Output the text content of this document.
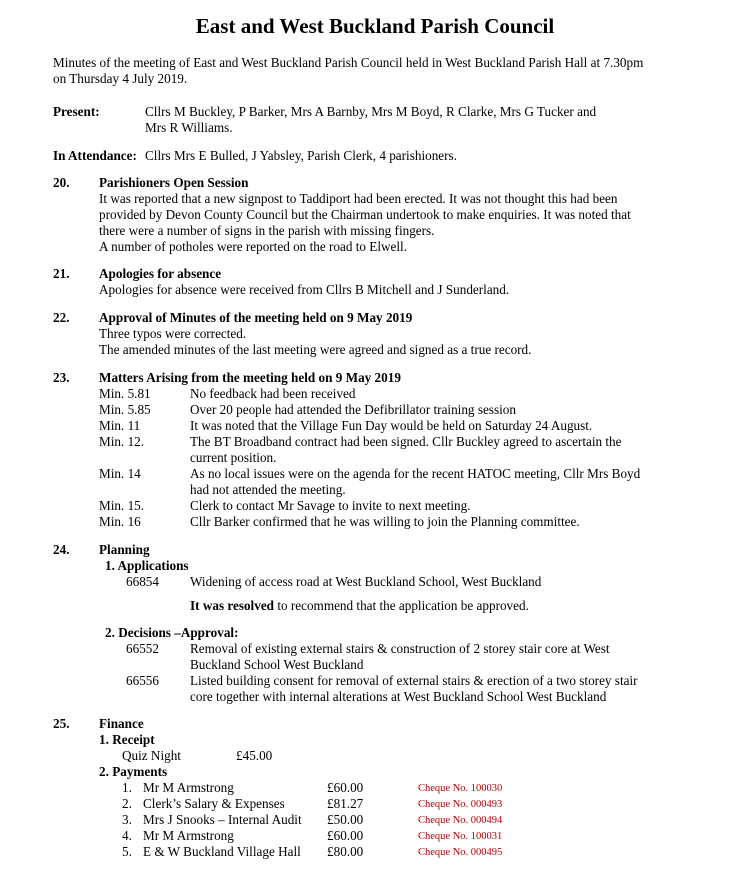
East and West Buckland Parish Council
Minutes of the meeting of East and West Buckland Parish Council held in West Buckland Parish Hall at 7.30pm
on Thursday 4 July 2019.
Present:	Cllrs M Buckley, P Barker, Mrs A Barnby, Mrs M Boyd, R Clarke, Mrs G Tucker and
Mrs R Williams.
In Attendance: Cllrs Mrs E Bulled, J Yabsley, Parish Clerk, 4 parishioners.
20. Parishioners Open Session
It was reported that a new signpost to Taddiport had been erected. It was not thought this had been
provided by Devon County Council but the Chairman undertook to make enquiries. It was noted that
there were a number of signs in the parish with missing fingers.
A number of potholes were reported on the road to Elwell.
21. Apologies for absence
Apologies for absence were received from Cllrs B Mitchell and J Sunderland.
22. Approval of Minutes of the meeting held on 9 May 2019
Three typos were corrected.
The amended minutes of the last meeting were agreed and signed as a true record.
23. Matters Arising from the meeting held on 9 May 2019
Min. 5.81	No feedback had been received
Min. 5.85	Over 20 people had attended the Defibrillator training session
Min. 11	It was noted that the Village Fun Day would be held on Saturday 24 August.
Min. 12.	The BT Broadband contract had been signed. Cllr Buckley agreed to ascertain the
current position.
Min. 14	As no local issues were on the agenda for the recent HATOC meeting, Cllr Mrs Boyd
had not attended the meeting.
Min. 15.	Clerk to contact Mr Savage to invite to next meeting.
Min. 16	Cllr Barker confirmed that he was willing to join the Planning committee.
24. Planning
1. Applications
66854 Widening of access road at West Buckland School, West Buckland
It was resolved to recommend that the application be approved.
2. Decisions –Approval:
66552 Removal of existing external stairs & construction of 2 storey stair core at West
Buckland School West Buckland
66556 Listed building consent for removal of external stairs & erection of a two storey stair
core together with internal alterations at West Buckland School West Buckland
25. Finance
1. Receipt
Quiz Night	£45.00
2. Payments
1. Mr M Armstrong	£60.00	Cheque No. 100030
2. Clerk’s Salary & Expenses	£81.27	Cheque No. 000493
3. Mrs J Snooks – Internal Audit £50.00	Cheque No. 000494
4. Mr M Armstrong	£60.00	Cheque No. 100031
5. E & W Buckland Village Hall £80.00	Cheque No. 000495
